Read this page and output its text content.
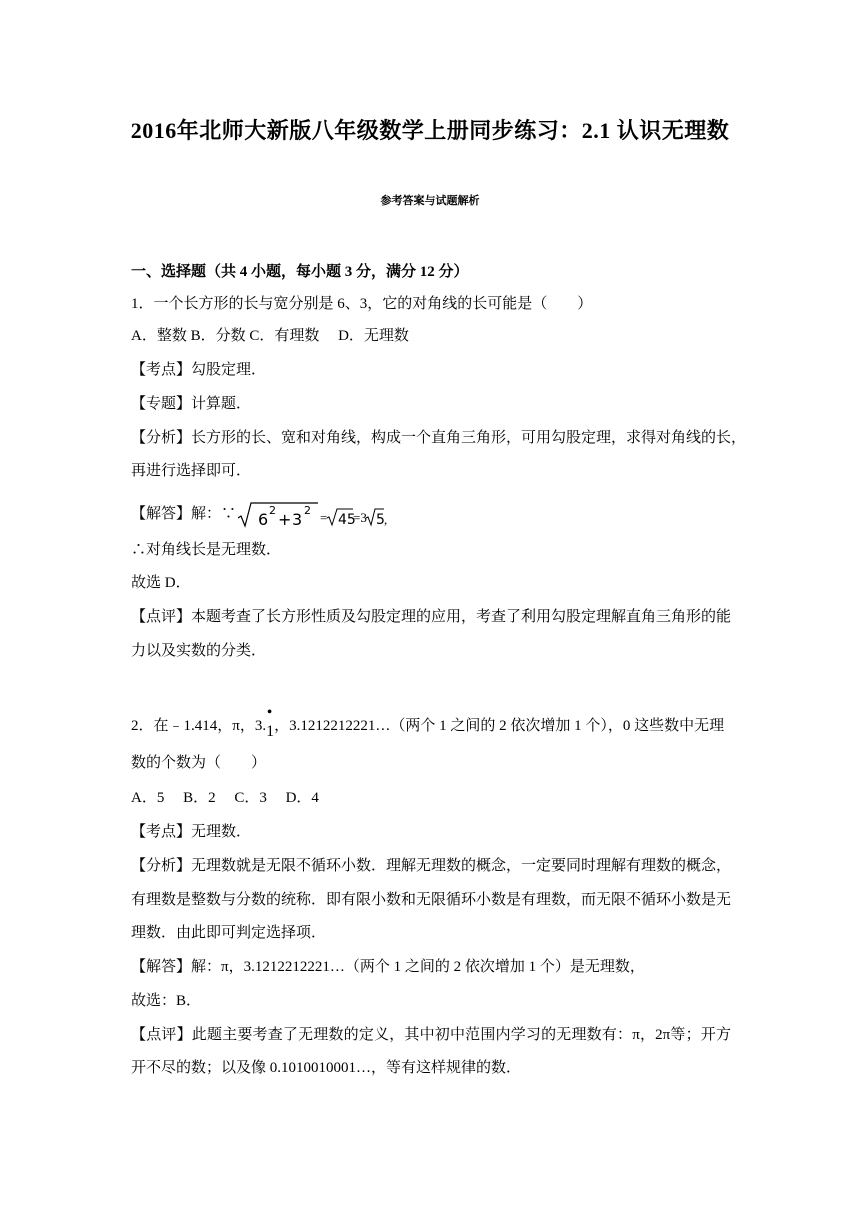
2016年北师大新版八年级数学上册同步练习：2.1 认识无理数
参考答案与试题解析
一、选择题（共 4 小题，每小题 3 分，满分 12 分）
1．一个长方形的长与宽分别是 6、3，它的对角线的长可能是（　　）
A．整数 B．分数 C．有理数　 D．无理数
【考点】勾股定理．
【专题】计算题．
【分析】长方形的长、宽和对角线，构成一个直角三角形，可用勾股定理，求得对角线的长，
再进行选择即可．
【解答】解：∵ 6 2 + 3 2 = 45
=3 5 ,
∴对角线长是无理数．
故选 D．
【点评】本题考查了长方形性质及勾股定理的应用，考查了利用勾股定理解直角三角形的能
力以及实数的分类．
2．在﹣1.414，π，3.
•
1，3.1212212221…（两个 1 之间的 2 依次增加 1 个），0 这些数中无理
数的个数为（　　）
A．5　 B．2　 C．3　 D．4
【考点】无理数．
【分析】无理数就是无限不循环小数．理解无理数的概念，一定要同时理解有理数的概念，
有理数是整数与分数的统称．即有限小数和无限循环小数是有理数，而无限不循环小数是无
理数．由此即可判定选择项．
【解答】解：π，3.1212212221…（两个 1 之间的 2 依次增加 1 个）是无理数，
故选：B．
【点评】此题主要考查了无理数的定义，其中初中范围内学习的无理数有：π，2π等；开方
开不尽的数；以及像 0.1010010001…，等有这样规律的数．
